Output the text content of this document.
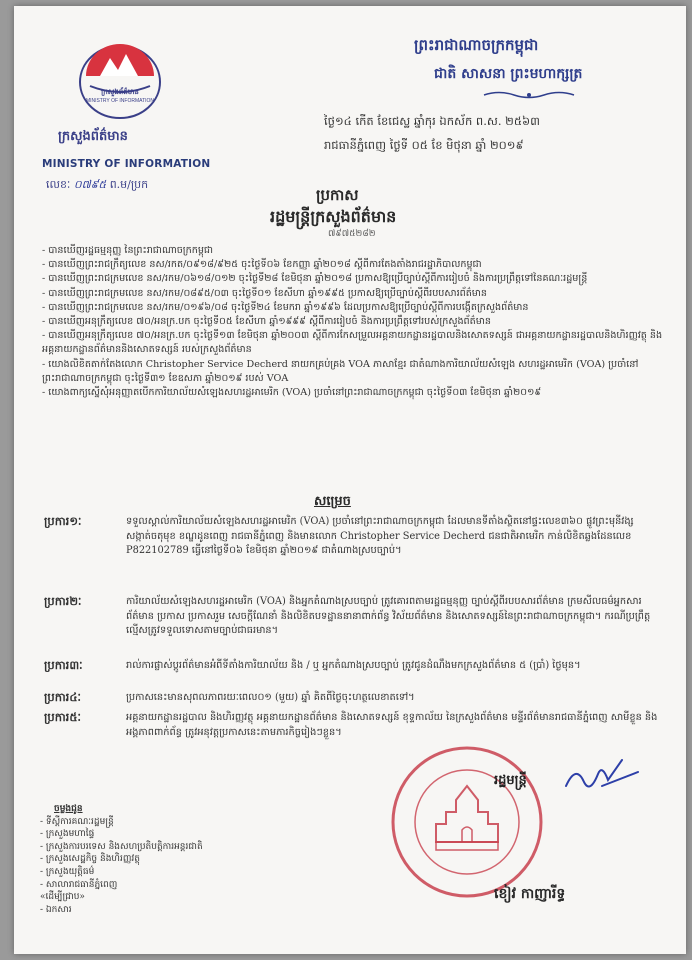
ក្រសួងព័ត៌មាន
MINISTRY OF INFORMATION
ក្រសួងព័ត៌មាន
MINISTRY OF INFORMATION
លេខៈ ០៧៩៥ ព.ម/ប្រក
ព្រះរាជាណាចក្រកម្ពុជា
ជាតិ សាសនា ព្រះមហាក្សត្រ
ថ្ងៃ១៤ កើត ខែជេស្ឋ ឆ្នាំកុរ ឯកស័ក ព.ស. ២៥៦៣
រាជធានីភ្នំពេញ ថ្ងៃទី ០៥ ខែ មិថុនា ឆ្នាំ ២០១៩
ប្រកាស
រដ្ឋមន្ត្រីក្រសួងព័ត៌មាន
៧៩៧៥២៨២
- បានឃើញរដ្ឋធម្មនុញ្ញ នៃព្រះរាជាណាចក្រកម្ពុជា
- បានឃើញព្រះរាជក្រឹត្យលេខ នស/រកត/០៩១៨/៩២៥ ចុះថ្ងៃទី០៦ ខែកញ្ញា ឆ្នាំ២០១៨ ស្តីពីការតែងតាំងរាជរដ្ឋាភិបាលកម្ពុជា
- បានឃើញព្រះរាជក្រមលេខ នស/រកម/០៦១៨/០១២ ចុះថ្ងៃទី២៨ ខែមិថុនា ឆ្នាំ២០១៨ ប្រកាសឱ្យប្រើច្បាប់ស្តីពីការរៀបចំ និងការប្រព្រឹត្តទៅនៃគណៈរដ្ឋមន្ត្រី
- បានឃើញព្រះរាជក្រមលេខ នស/រកម/០៨៩៥/០៣ ចុះថ្ងៃទី០១ ខែសីហា ឆ្នាំ១៩៩៥ ប្រកាសឱ្យប្រើច្បាប់ស្តីពីរបបសារព័ត៌មាន
- បានឃើញព្រះរាជក្រមលេខ នស/រកម/០១៩៦/០៨ ចុះថ្ងៃទី២៤ ខែមករា ឆ្នាំ១៩៩៦ ដែលប្រកាសឱ្យប្រើច្បាប់ស្តីពីការបង្កើតក្រសួងព័ត៌មាន
- បានឃើញអនុក្រឹត្យលេខ ៧០/អនក្រ.បក ចុះថ្ងៃទី០៥ ខែសីហា ឆ្នាំ១៩៩៩ ស្តីពីការរៀបចំ និងការប្រព្រឹត្តទៅរបស់ក្រសួងព័ត៌មាន
- បានឃើញអនុក្រឹត្យលេខ ៧០/អនក្រ.បក ចុះថ្ងៃទី១៣ ខែមិថុនា ឆ្នាំ២០០៣ ស្តីពីការកែសម្រួលអគ្គនាយកដ្ឋានរដ្ឋបាលនិងសោតទស្សន៍ ជាអគ្គនាយកដ្ឋានរដ្ឋបាលនិងហិរញ្ញវត្ថុ និងអគ្គនាយកដ្ឋានព័ត៌មាននិងសោតទស្សន៍ របស់ក្រសួងព័ត៌មាន
- យោងលិខិតតាក់តែងលោក Christopher Service Decherd នាយកគ្រប់គ្រង VOA ភាសាខ្មែរ ជាតំណាងការិយាល័យសំឡេង សហរដ្ឋអាមេរិក (VOA) ប្រចាំនៅព្រះរាជាណាចក្រកម្ពុជា ចុះថ្ងៃទី៣១ ខែឧសភា ឆ្នាំ២០១៩ របស់ VOA
- យោងពាក្យស្នើសុំអនុញ្ញាតបើកការិយាល័យសំឡេងសហរដ្ឋអាមេរិក (VOA) ប្រចាំនៅព្រះរាជាណាចក្រកម្ពុជា ចុះថ្ងៃទី០៣ ខែមិថុនា ឆ្នាំ២០១៩
សម្រេច
ប្រការ១ៈ	ទទួលស្គាល់ការិយាល័យសំឡេងសហរដ្ឋអាមេរិក (VOA) ប្រចាំនៅព្រះរាជាណាចក្រកម្ពុជា ដែលមានទីតាំងស្ថិតនៅផ្ទះលេខ៣៦០ ផ្លូវព្រះមុនីវង្ស សង្កាត់ចតុមុខ ខណ្ឌដូនពេញ រាជធានីភ្នំពេញ និងមានលោក Christopher Service Decherd ជនជាតិអាមេរិក កាន់លិខិតឆ្លងដែនលេខ P822102789 ធ្វើនៅថ្ងៃទី០៦ ខែមិថុនា ឆ្នាំ២០១៩ ជាតំណាងស្របច្បាប់។
ប្រការ២ៈ	ការិយាល័យសំឡេងសហរដ្ឋអាមេរិក (VOA) និងអ្នកតំណាងស្របច្បាប់ ត្រូវគោរពតាមរដ្ឋធម្មនុញ្ញ ច្បាប់ស្តីពីរបបសារព័ត៌មាន ក្រមសីលធម៌អ្នកសារព័ត៌មាន ប្រកាស ប្រកាសរួម សេចក្តីណែនាំ និងលិខិតបទដ្ឋាននានាពាក់ព័ន្ធ វិស័យព័ត៌មាន និងសោតទស្សន៍នៃព្រះរាជាណាចក្រកម្ពុជា។ ករណីប្រព្រឹត្តល្មើសត្រូវទទួលទោសតាមច្បាប់ជាធរមាន។
ប្រការ៣ៈ	រាល់ការផ្លាស់ប្តូរព័ត៌មានអំពីទីតាំងការិយាល័យ និង / ឬ អ្នកតំណាងស្របច្បាប់ ត្រូវជូនដំណឹងមកក្រសួងព័ត៌មាន ៥ (ប្រាំ) ថ្ងៃមុន។
ប្រការ៤ៈ	ប្រកាសនេះមានសុពលភាពរយៈពេល០១ (មួយ) ឆ្នាំ គិតពីថ្ងៃចុះហត្ថលេខាតទៅ។
ប្រការ៥ៈ	អគ្គនាយកដ្ឋានរដ្ឋបាល និងហិរញ្ញវត្ថុ អគ្គនាយកដ្ឋានព័ត៌មាន និងសោតទស្សន៍ ខុទ្ទកាល័យ នៃក្រសួងព័ត៌មាន មន្ទីរព័ត៌មានរាជធានីភ្នំពេញ សាមីខ្លួន និងអង្គភាពពាក់ព័ន្ធ ត្រូវអនុវត្តប្រកាសនេះតាមភារកិច្ចរៀងៗខ្លួន។
ចម្លងជូន
- ទីស្តីការគណៈរដ្ឋមន្ត្រី
- ក្រសួងមហាផ្ទៃ
- ក្រសួងការបរទេស និងសហប្រតិបត្តិការអន្តរជាតិ
- ក្រសួងសេដ្ឋកិច្ច និងហិរញ្ញវត្ថុ
- ក្រសួងយុត្តិធម៌
- សាលារាជធានីភ្នំពេញ
«ដើម្បីជ្រាប»
- ឯកសារ
រដ្ឋមន្ត្រី
ខៀវ កាញារីទ្ធ
